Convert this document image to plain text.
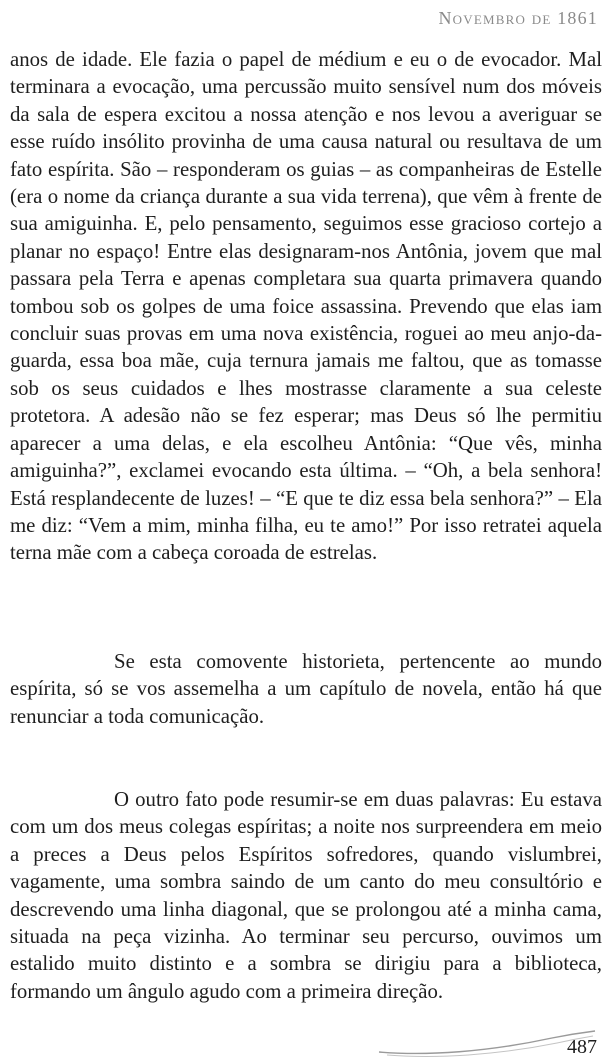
Novembro de 1861
anos de idade. Ele fazia o papel de médium e eu o de evocador. Mal terminara a evocação, uma percussão muito sensível num dos móveis da sala de espera excitou a nossa atenção e nos levou a averiguar se esse ruído insólito provinha de uma causa natural ou resultava de um fato espírita. São – responderam os guias – as companheiras de Estelle (era o nome da criança durante a sua vida terrena), que vêm à frente de sua amiguinha. E, pelo pensamento, seguimos esse gracioso cortejo a planar no espaço! Entre elas designaram-nos Antônia, jovem que mal passara pela Terra e apenas completara sua quarta primavera quando tombou sob os golpes de uma foice assassina. Prevendo que elas iam concluir suas provas em uma nova existência, roguei ao meu anjo-da-guarda, essa boa mãe, cuja ternura jamais me faltou, que as tomasse sob os seus cuidados e lhes mostrasse claramente a sua celeste protetora. A adesão não se fez esperar; mas Deus só lhe permitiu aparecer a uma delas, e ela escolheu Antônia: “Que vês, minha amiguinha?”, exclamei evocando esta última. – “Oh, a bela senhora! Está resplandecente de luzes! – “E que te diz essa bela senhora?” – Ela me diz: “Vem a mim, minha filha, eu te amo!” Por isso retratei aquela terna mãe com a cabeça coroada de estrelas.
Se esta comovente historieta, pertencente ao mundo espírita, só se vos assemelha a um capítulo de novela, então há que renunciar a toda comunicação.
O outro fato pode resumir-se em duas palavras: Eu estava com um dos meus colegas espíritas; a noite nos surpreendera em meio a preces a Deus pelos Espíritos sofredores, quando vislumbrei, vagamente, uma sombra saindo de um canto do meu consultório e descrevendo uma linha diagonal, que se prolongou até a minha cama, situada na peça vizinha. Ao terminar seu percurso, ouvimos um estalido muito distinto e a sombra se dirigiu para a biblioteca, formando um ângulo agudo com a primeira direção.
487
